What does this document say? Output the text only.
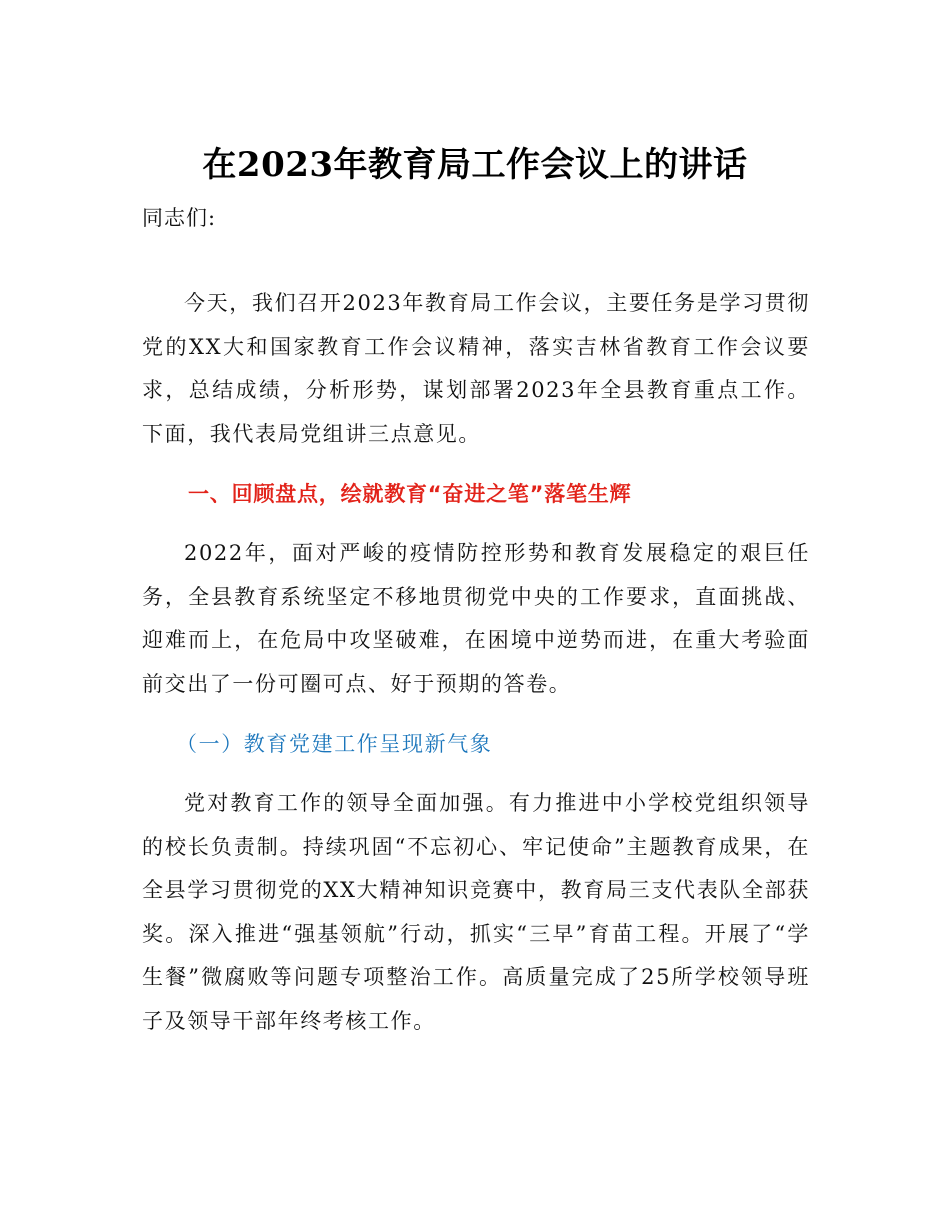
在2023年教育局工作会议上的讲话
同志们:
今天，我们召开2023年教育局工作会议，主要任务是学习贯彻党的XX大和国家教育工作会议精神，落实吉林省教育工作会议要求，总结成绩，分析形势，谋划部署2023年全县教育重点工作。下面，我代表局党组讲三点意见。
一、回顾盘点，绘就教育“奋进之笔”落笔生辉
2022年，面对严峻的疫情防控形势和教育发展稳定的艰巨任务，全县教育系统坚定不移地贯彻党中央的工作要求，直面挑战、迎难而上，在危局中攻坚破难，在困境中逆势而进，在重大考验面前交出了一份可圈可点、好于预期的答卷。
（一）教育党建工作呈现新气象
党对教育工作的领导全面加强。有力推进中小学校党组织领导的校长负责制。持续巩固“不忘初心、牢记使命”主题教育成果，在全县学习贯彻党的XX大精神知识竞赛中，教育局三支代表队全部获奖。深入推进“强基领航”行动，抓实“三早”育苗工程。开展了“学生餐”微腐败等问题专项整治工作。高质量完成了25所学校领导班子及领导干部年终考核工作。
